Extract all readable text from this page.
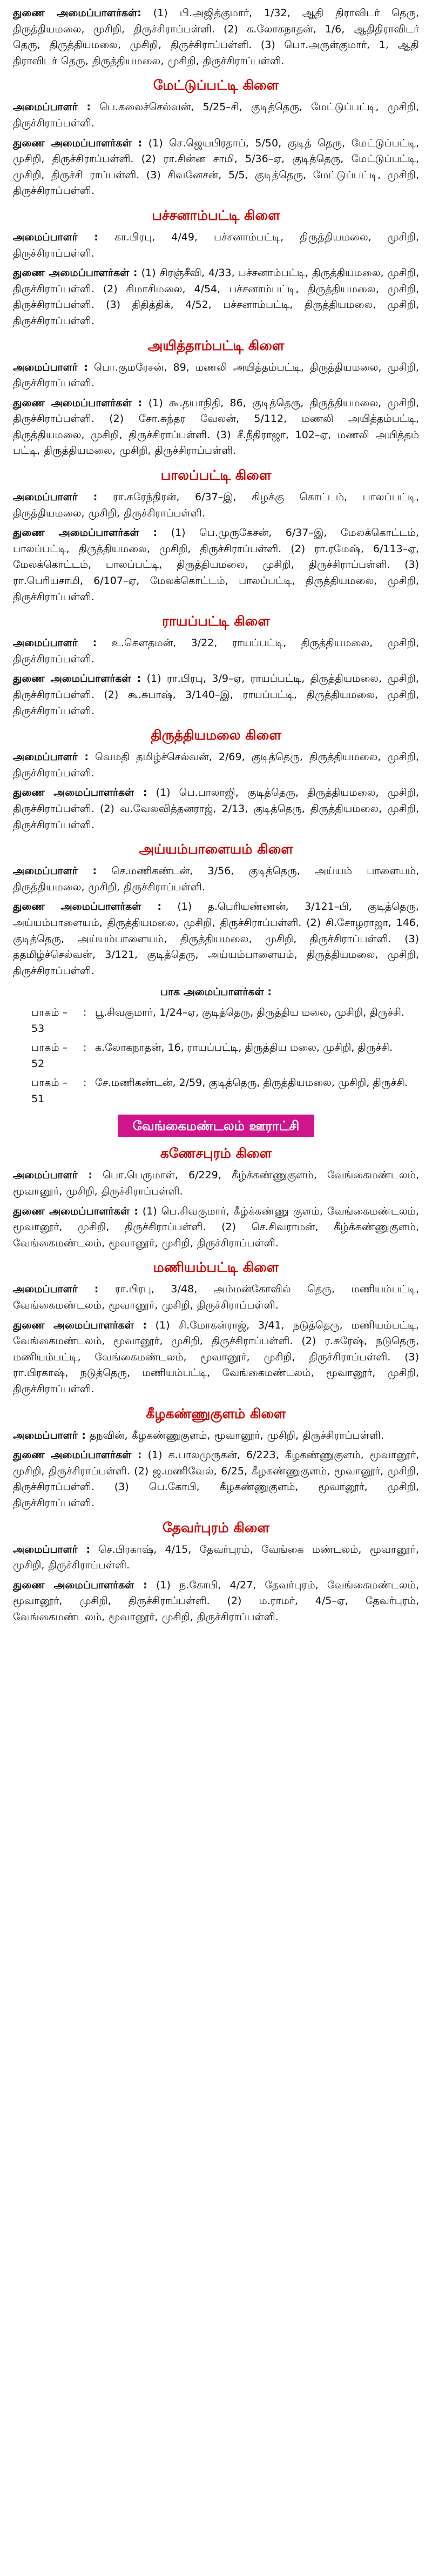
துணை அமைப்பாளர்கள்: (1) பி.அஜித்குமார், 1/32, ஆதி திராவிடர் தெரு, திருத்தியமலை, முசிறி, திருச்சிராப்பள்ளி. (2) க.லோகநாதன், 1/6, ஆதிதிராவிடர் தெரு, திருத்தியமலை, முசிறி, திருச்சிராப்பள்ளி. (3) பொ.அருள்குமார், 1, ஆதி திராவிடர் தெரு, திருத்தியமலை, முசிறி, திருச்சிராப்பள்ளி.

மேட்டுப்பட்டி கிளை

அமைப்பாளர் : பெ.கலைச்செல்வன், 5/25–சி, குடித்தெரு, மேட்டுப்பட்டி, முசிறி, திருச்சிராப்பள்ளி.

துணை அமைப்பாளர்கள் : (1) செ.ஜெயபிரதாப், 5/50, குடித் தெரு, மேட்டுப்பட்டி, முசிறி, திருச்சிராப்பள்ளி. (2) ரா.சின்ன சாமி, 5/36–ஏ, குடித்தெரு, மேட்டுப்பட்டி, முசிறி, திருச்சி ராப்பள்ளி. (3) சிவனேசன், 5/5, குடித்தெரு, மேட்டுப்பட்டி, முசிறி, திருச்சிராப்பள்ளி.

பச்சனாம்பட்டி கிளை

அமைப்பாளர் : கா.பிரபு, 4/49, பச்சனாம்பட்டி, திருத்தியமலை, முசிறி, திருச்சிராப்பள்ளி.

துணை அமைப்பாளர்கள் : (1) சிரஞ்சீவி, 4/33, பச்சனாம்பட்டி, திருத்தியமலை, முசிறி, திருச்சிராப்பள்ளி. (2) சிமாசிமலை, 4/54, பச்சனாம்பட்டி, திருத்தியமலை, முசிறி, திருச்சிராப்பள்ளி. (3) திதித்திக், 4/52, பச்சனாம்பட்டி, திருத்தியமலை, முசிறி, திருச்சிராப்பள்ளி.

அயித்தாம்பட்டி கிளை

அமைப்பாளர் : பொ.குமரேசன், 89, மணலி அயித்தம்பட்டி, திருத்தியமலை, முசிறி, திருச்சிராப்பள்ளி.

துணை அமைப்பாளர்கள் : (1) கூ.தயாநிதி, 86, குடித்தெரு, திருத்தியமலை, முசிறி, திருச்சிராப்பள்ளி. (2) சோ.சுந்தர வேலன், 5/112, மணலி அயித்தம்பட்டி, திருத்தியமலை, முசிறி, திருச்சிராப்பள்ளி. (3) சீ.நீதிராஜா, 102–ஏ, மணலி அயித்தம் பட்டி, திருத்தியமலை, முசிறி, திருச்சிராப்பள்ளி.

பாலப்பட்டி கிளை

அமைப்பாளர் : ரா.சுரேந்திரன், 6/37–இ, கிழக்கு கொட்டம், பாலப்பட்டி, திருத்தியமலை, முசிறி, திருச்சிராப்பள்ளி.

துணை அமைப்பாளர்கள் : (1) பெ.முருகேசன், 6/37–இ, மேலக்கொட்டம், பாலப்பட்டி, திருத்தியமலை, முசிறி, திருச்சிராப்பள்ளி. (2) ரா.ரமேஷ், 6/113–ஏ, மேலக்கொட்டம், பாலப்பட்டி, திருத்தியமலை, முசிறி, திருச்சிராப்பள்ளி. (3) ரா.பெரியசாமி, 6/107–ஏ, மேலக்கொட்டம், பாலப்பட்டி, திருத்தியமலை, முசிறி, திருச்சிராப்பள்ளி.

ராயப்பட்டி கிளை

அமைப்பாளர் : உ.கௌதமன், 3/22, ராயப்பட்டி, திருத்தியமலை, முசிறி, திருச்சிராப்பள்ளி.

துணை அமைப்பாளர்கள் : (1) ரா.பிரபு, 3/9–ஏ, ராயப்பட்டி, திருத்தியமலை, முசிறி, திருச்சிராப்பள்ளி. (2) கூ.சுபாஷ், 3/140–இ, ராயப்பட்டி, திருத்தியமலை, முசிறி, திருச்சிராப்பள்ளி.

திருத்தியமலை கிளை

அமைப்பாளர் : வெமதி தமிழ்ச்செல்வன், 2/69, குடித்தெரு, திருத்தியமலை, முசிறி, திருச்சிராப்பள்ளி.

துணை அமைப்பாளர்கள் : (1) பெ.பாலாஜி, குடித்தெரு, திருத்தியமலை, முசிறி, திருச்சிராப்பள்ளி. (2) வ.வேலவித்தனராஜ், 2/13, குடித்தெரு, திருத்தியமலை, முசிறி, திருச்சிராப்பள்ளி.

அய்யம்பாளையம் கிளை

அமைப்பாளர் : செ.மணிகண்டன், 3/56, குடித்தெரு, அய்யம் பாளையம், திருத்தியமலை, முசிறி, திருச்சிராப்பள்ளி.

துணை அமைப்பாளர்கள் : (1) த.பெரியண்ணன், 3/121–பி, குடித்தெரு, அய்யம்பாளையம், திருத்தியமலை, முசிறி, திருச்சிராப்பள்ளி. (2) சி.சோழராஜா, 146, குடித்தெரு, அய்யம்பாளையம், திருத்தியமலை, முசிறி, திருச்சிராப்பள்ளி. (3) ததமிழ்ச்செல்வன், 3/121, குடித்தெரு, அய்யம்பாளையம், திருத்தியமலை, முசிறி, திருச்சிராப்பள்ளி.

பாக அமைப்பாளர்கள் :
பாகம் – 53
: பூ.சிவகுமார், 1/24–ஏ, குடித்தெரு, திருத்திய மலை, முசிறி, திருச்சி.
பாகம் – 52
: க.லோகநாதன், 16, ராயப்பட்டி, திருத்திய மலை, முசிறி, திருச்சி.
பாகம் – 51
: சே.மணிகண்டன், 2/59, குடித்தெரு, திருத்தியமலை, முசிறி, திருச்சி.
வேங்கைமண்டலம் ஊராட்சி
கணேசபுரம் கிளை

அமைப்பாளர் : பொ.பெருமாள், 6/229, கீழ்க்கண்ணுகுளம், வேங்கைமண்டலம், மூவானூர், முசிறி, திருச்சிராப்பள்ளி.

துணை அமைப்பாளர்கள் : (1) பெ.சிவகுமார், கீழ்க்கண்ணு குளம், வேங்கைமண்டலம், மூவானூர், முசிறி, திருச்சிராப்பள்ளி. (2) செ.சிவராமன், கீழ்க்கண்ணுகுளம், வேங்கைமண்டலம், மூவானூர், முசிறி, திருச்சிராப்பள்ளி.

மணியம்பட்டி கிளை

அமைப்பாளர் : ரா.பிரபு, 3/48, அம்மன்கோவில் தெரு, மணியம்பட்டி, வேங்கைமண்டலம், மூவானூர், முசிறி, திருச்சிராப்பள்ளி.

துணை அமைப்பாளர்கள் : (1) சி.மோகன்ராஜ், 3/41, நடுத்தெரு, மணியம்பட்டி, வேங்கைமண்டலம், மூவானூர், முசிறி, திருச்சிராப்பள்ளி. (2) ர.சுரேஷ், நடுதெரு, மணியம்பட்டி, வேங்கைமண்டலம், மூவானூர், முசிறி, திருச்சிராப்பள்ளி. (3) ரா.பிரகாஷ், நடுத்தெரு, மணியம்பட்டி, வேங்கைமண்டலம், மூவானூர், முசிறி, திருச்சிராப்பள்ளி.

கீழகண்ணுகுளம் கிளை

அமைப்பாளர் : தநவின், கீழகண்ணுகுளம், மூவானூர், முசிறி, திருச்சிராப்பள்ளி.

துணை அமைப்பாளர்கள் : (1) க.பாலமுருகன், 6/223, கீழகண்ணுகுளம், மூவானூர், முசிறி, திருச்சிராப்பள்ளி. (2) ஜ.மணிவேல், 6/25, கீழகண்ணுகுளம், மூவானூர், முசிறி, திருச்சிராப்பள்ளி. (3) பெ.கோபி, கீழகண்ணுகுளம், மூவானூர், முசிறி, திருச்சிராப்பள்ளி.

தேவர்புரம் கிளை

அமைப்பாளர் : செ.பிரகாஷ், 4/15, தேவர்புரம், வேங்கை மண்டலம், மூவானூர், முசிறி, திருச்சிராப்பள்ளி.

துணை அமைப்பாளர்கள் : (1) ந.கோபி, 4/27, தேவர்புரம், வேங்கைமண்டலம், மூவானூர், முசிறி, திருச்சிராப்பள்ளி. (2) ம.ராமர், 4/5–ஏ, தேவர்புரம், வேங்கைமண்டலம், மூவானூர், முசிறி, திருச்சிராப்பள்ளி.
